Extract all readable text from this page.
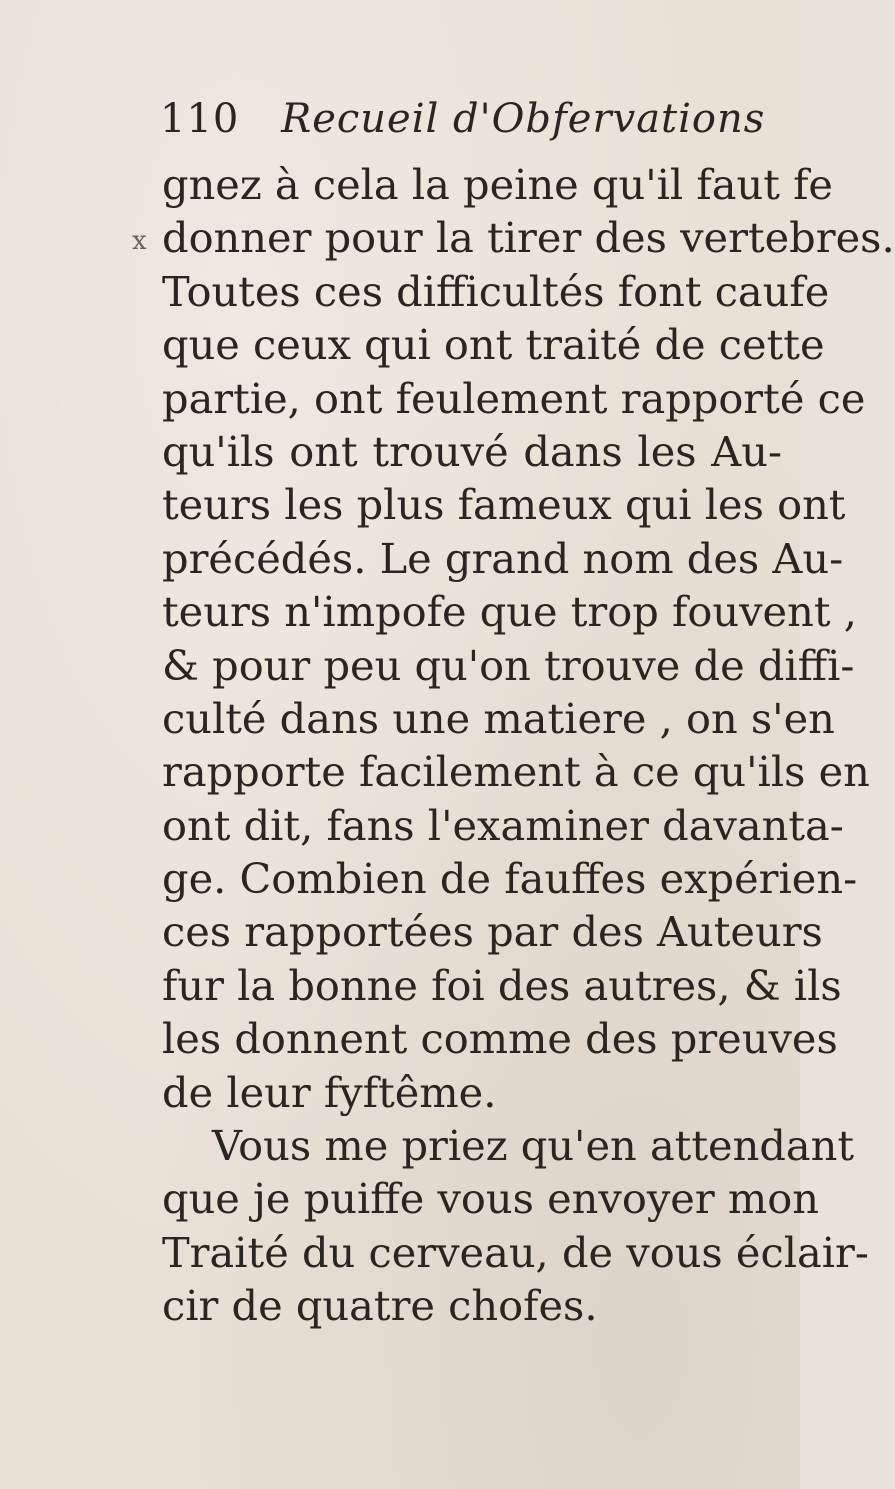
110 Recueil d'Obfervations
x
gnez à cela la peine qu'il faut fe
donner pour la tirer des vertebres.
Toutes ces difficultés font caufe
que ceux qui ont traité de cette
partie, ont feulement rapporté ce
qu'ils ont trouvé dans les Au-
teurs les plus fameux qui les ont
précédés. Le grand nom des Au-
teurs n'impofe que trop fouvent ,
& pour peu qu'on trouve de diffi-
culté dans une matiere , on s'en
rapporte facilement à ce qu'ils en
ont dit, fans l'examiner davanta-
ge. Combien de fauffes expérien-
ces rapportées par des Auteurs
fur la bonne foi des autres, & ils
les donnent comme des preuves
de leur fyftême.
Vous me priez qu'en attendant
que je puiffe vous envoyer mon
Traité du cerveau, de vous éclair-
cir de quatre chofes.
